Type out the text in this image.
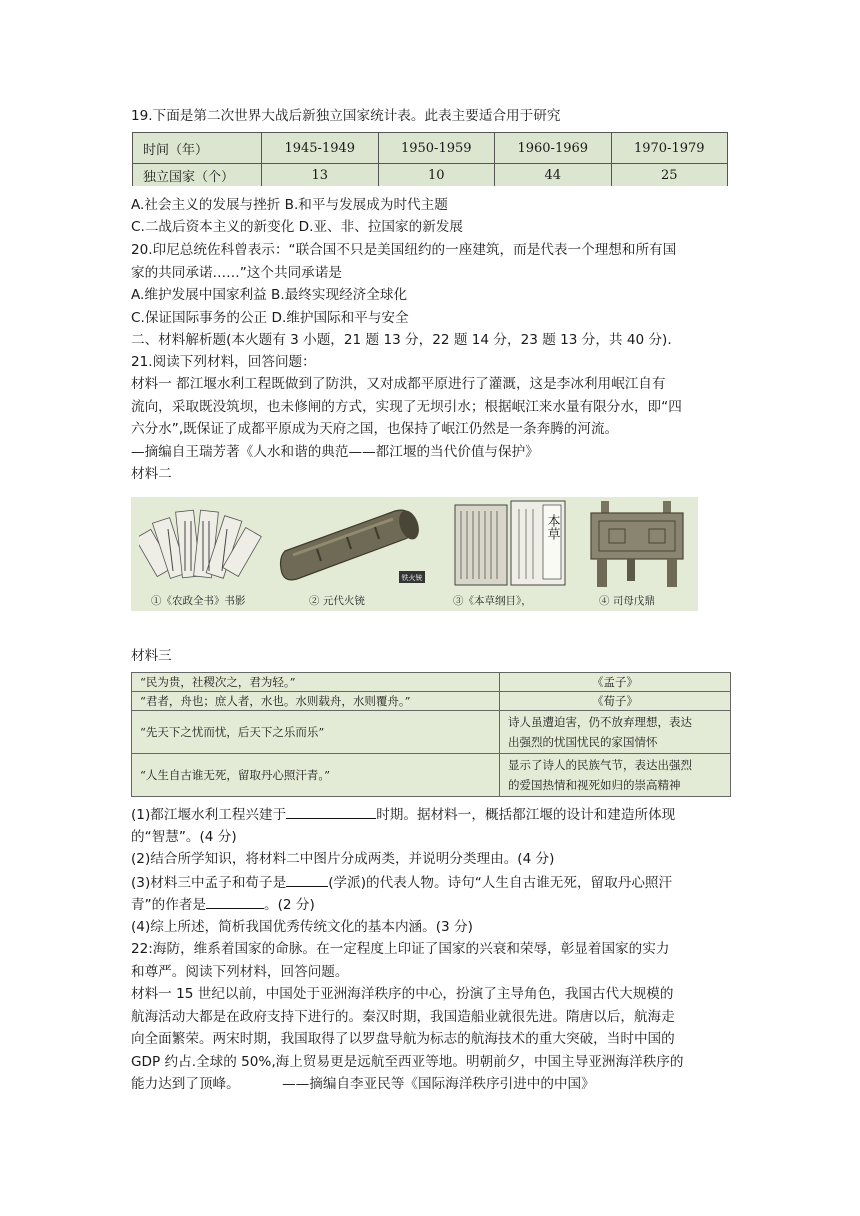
19.下面是第二次世界大战后新独立国家统计表。此表主要适合用于研究
时间（年）	1945-1949	1950-1959	1960-1969	1970-1979
独立国家（个）	13	10	44	25
A.社会主义的发展与挫折 B.和平与发展成为时代主题
C.二战后资本主义的新变化 D.亚、非、拉国家的新发展
20.印尼总统佐科曾表示：“联合国不只是美国纽约的一座建筑，而是代表一个理想和所有国
家的共同承诺……”这个共同承诺是
A.维护发展中国家利益 B.最终实现经济全球化
C.保证国际事务的公正 D.维护国际和平与安全
二、材料解析题(本火题有 3 小题，21 题 13 分，22 题 14 分，23 题 13 分，共 40 分).
21.阅读下列材料，回答问题：
材料一 都江堰水利工程既做到了防洪，又对成都平原进行了灌溉，这是李冰利用岷江自有
流向，采取既没筑坝，也未修闸的方式，实现了无坝引水；根据岷江来水量有限分水，即“四
六分水”,既保证了成都平原成为天府之国，也保持了岷江仍然是一条奔腾的河流。
—摘编自王瑞芳著《人水和谐的典范——都江堰的当代价值与保护》
材料二
铁火铳
本草
①《农政全书》书影	② 元代火铳	③《本草纲目》，	④ 司母戊鼎
材料三
“民为贵，社稷次之，君为轻。”	《孟子》
“君者，舟也；庶人者，水也。水则载舟，水则覆舟。”	《荀子》
“先天下之忧而忧，后天下之乐而乐”	诗人虽遭迫害，仍不放弃理想，表达
出强烈的忧国忧民的家国情怀

“人生自古谁无死，留取丹心照汗青。”	显示了诗人的民族气节，表达出强烈
的爱国热情和视死如归的崇高精神
(1)都江堰水利工程兴建于	时期。据材料一，概括都江堰的设计和建造所体现
的“智慧”。(4 分)
(2)结合所学知识，将材料二中图片分成两类，并说明分类理由。(4 分)
(3)材料三中孟子和荀子是	(学派)的代表人物。诗句“人生自古谁无死，留取丹心照汗
青”的作者是	。(2 分)
(4)综上所述，简析我国优秀传统文化的基本内涵。(3 分)
22:海防，维系着国家的命脉。在一定程度上印证了国家的兴衰和荣辱，彰显着国家的实力
和尊严。阅读下列材料，回答问题。
材料一 15 世纪以前，中国处于亚洲海洋秩序的中心，扮演了主导角色，我国古代大规模的
航海活动大都是在政府支持下进行的。秦汉时期，我国造船业就很先进。隋唐以后，航海走
向全面繁荣。两宋时期，我国取得了以罗盘导航为标志的航海技术的重大突破，当时中国的
GDP 约占.全球的 50%,海上贸易更是远航至西亚等地。明朝前夕，中国主导亚洲海洋秩序的
能力达到了顶峰。	——摘编自李亚民等《国际海洋秩序引进中的中国》
